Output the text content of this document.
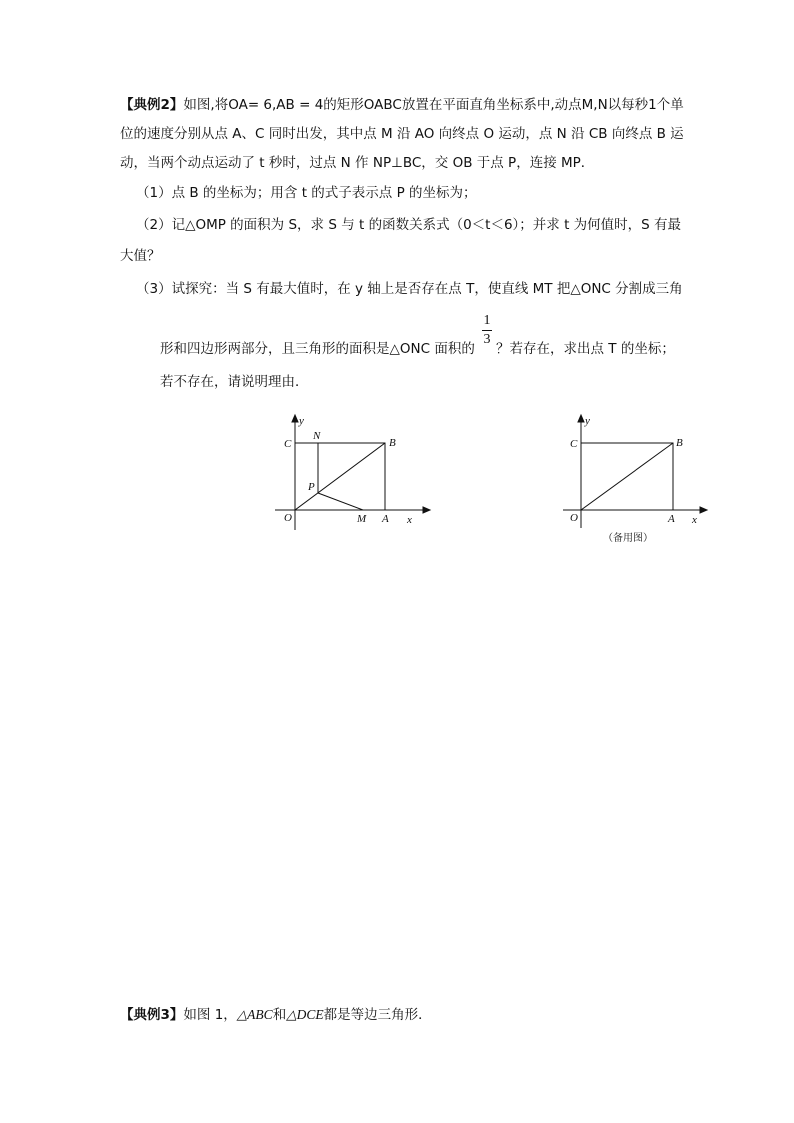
【典例2】如图,将OA= 6,AB = 4的矩形OABC放置在平面直角坐标系中,动点M,N以每秒1个单
位的速度分别从点 A、C 同时出发，其中点 M 沿 AO 向终点 O 运动，点 N 沿 CB 向终点 B 运
动，当两个动点运动了 t 秒时，过点 N 作 NP⊥BC，交 OB 于点 P，连接 MP．
（1）点 B 的坐标为；用含 t 的式子表示点 P 的坐标为；
（2）记△OMP 的面积为 S，求 S 与 t 的函数关系式（0＜t＜6）；并求 t 为何值时，S 有最
大值？
（3）试探究：当 S 有最大值时，在 y 轴上是否存在点 T，使直线 MT 把△ONC 分割成三角
形和四边形两部分，且三角形的面积是△ONC 面积的
1
3
？若存在，求出点 T 的坐标；
若不存在，请说明理由．
y
x
O	A
B
C
N
P
M
y
x
O	A
B
C
（备用图）
【典例3】如图 1，△ABC和△DCE都是等边三角形．
